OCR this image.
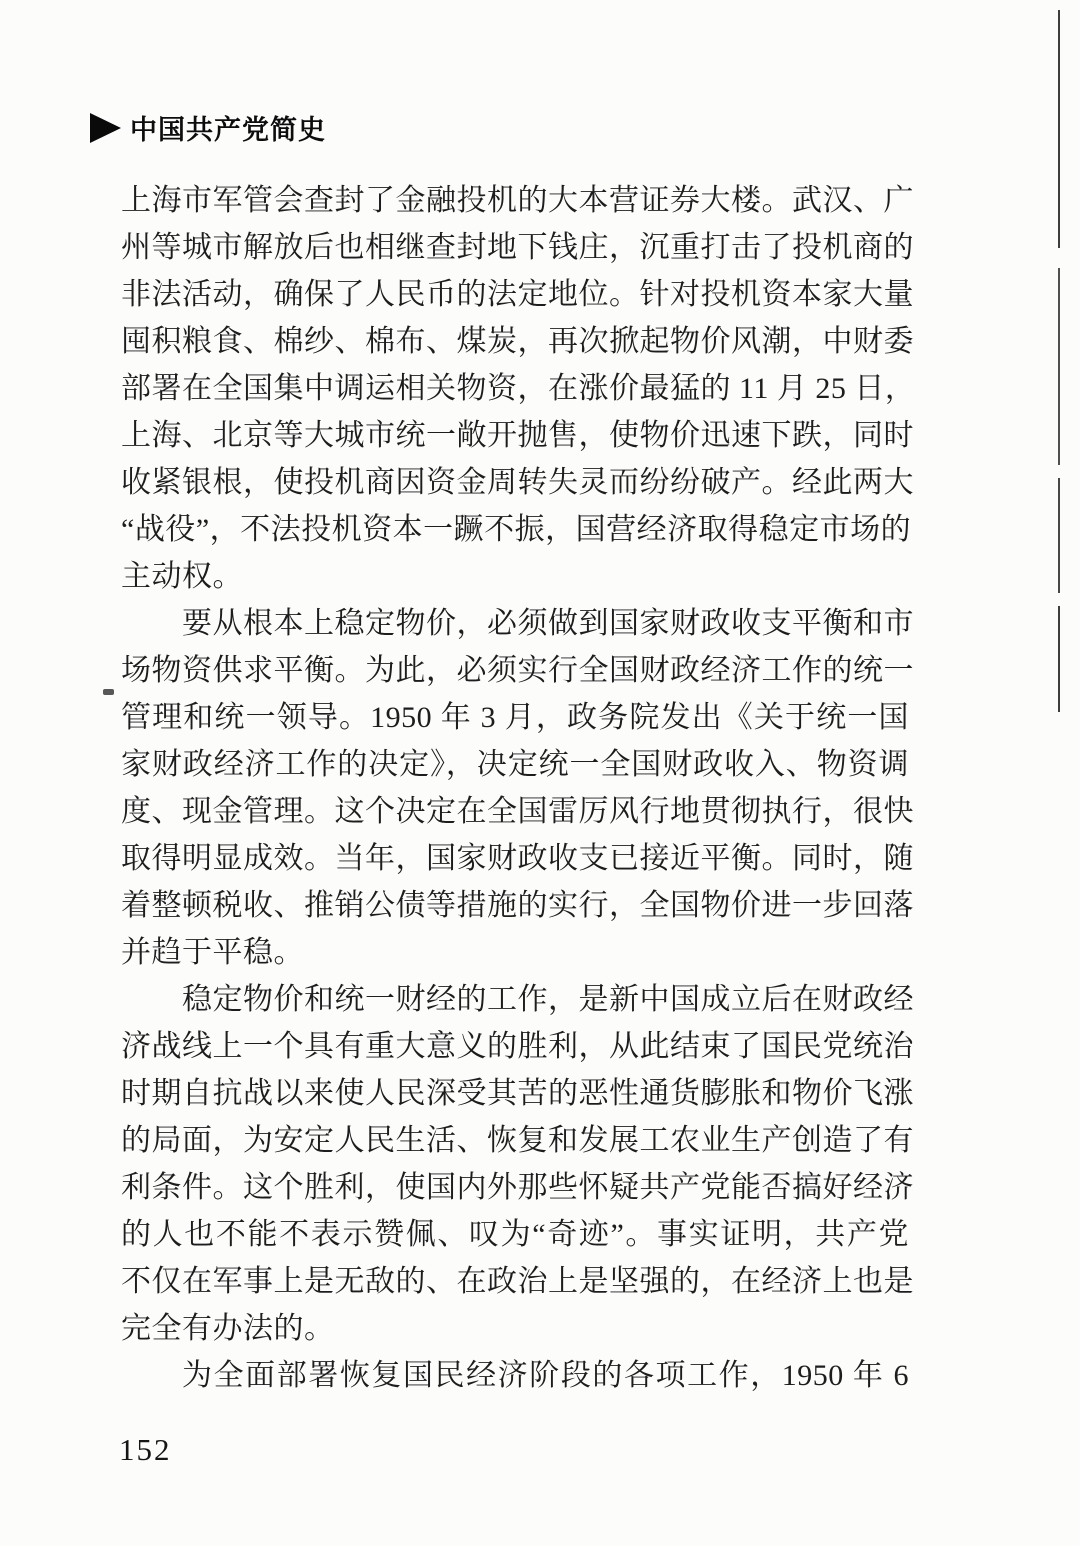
中国共产党简史
上海市军管会查封了金融投机的大本营证券大楼。武汉、广
州等城市解放后也相继查封地下钱庄，沉重打击了投机商的
非法活动，确保了人民币的法定地位。针对投机资本家大量
囤积粮食、棉纱、棉布、煤炭，再次掀起物价风潮，中财委
部署在全国集中调运相关物资，在涨价最猛的 11 月 25 日，
上海、北京等大城市统一敞开抛售，使物价迅速下跌，同时
收紧银根，使投机商因资金周转失灵而纷纷破产。经此两大
“战役”，不法投机资本一蹶不振，国营经济取得稳定市场的
主动权。
要从根本上稳定物价，必须做到国家财政收支平衡和市
场物资供求平衡。为此，必须实行全国财政经济工作的统一
管理和统一领导。1950 年 3 月，政务院发出《关于统一国
家财政经济工作的决定》，决定统一全国财政收入、物资调
度、现金管理。这个决定在全国雷厉风行地贯彻执行，很快
取得明显成效。当年，国家财政收支已接近平衡。同时，随
着整顿税收、推销公债等措施的实行，全国物价进一步回落
并趋于平稳。
稳定物价和统一财经的工作，是新中国成立后在财政经
济战线上一个具有重大意义的胜利，从此结束了国民党统治
时期自抗战以来使人民深受其苦的恶性通货膨胀和物价飞涨
的局面，为安定人民生活、恢复和发展工农业生产创造了有
利条件。这个胜利，使国内外那些怀疑共产党能否搞好经济
的人也不能不表示赞佩、叹为“奇迹”。事实证明，共产党
不仅在军事上是无敌的、在政治上是坚强的，在经济上也是
完全有办法的。
为全面部署恢复国民经济阶段的各项工作，1950 年 6
152
